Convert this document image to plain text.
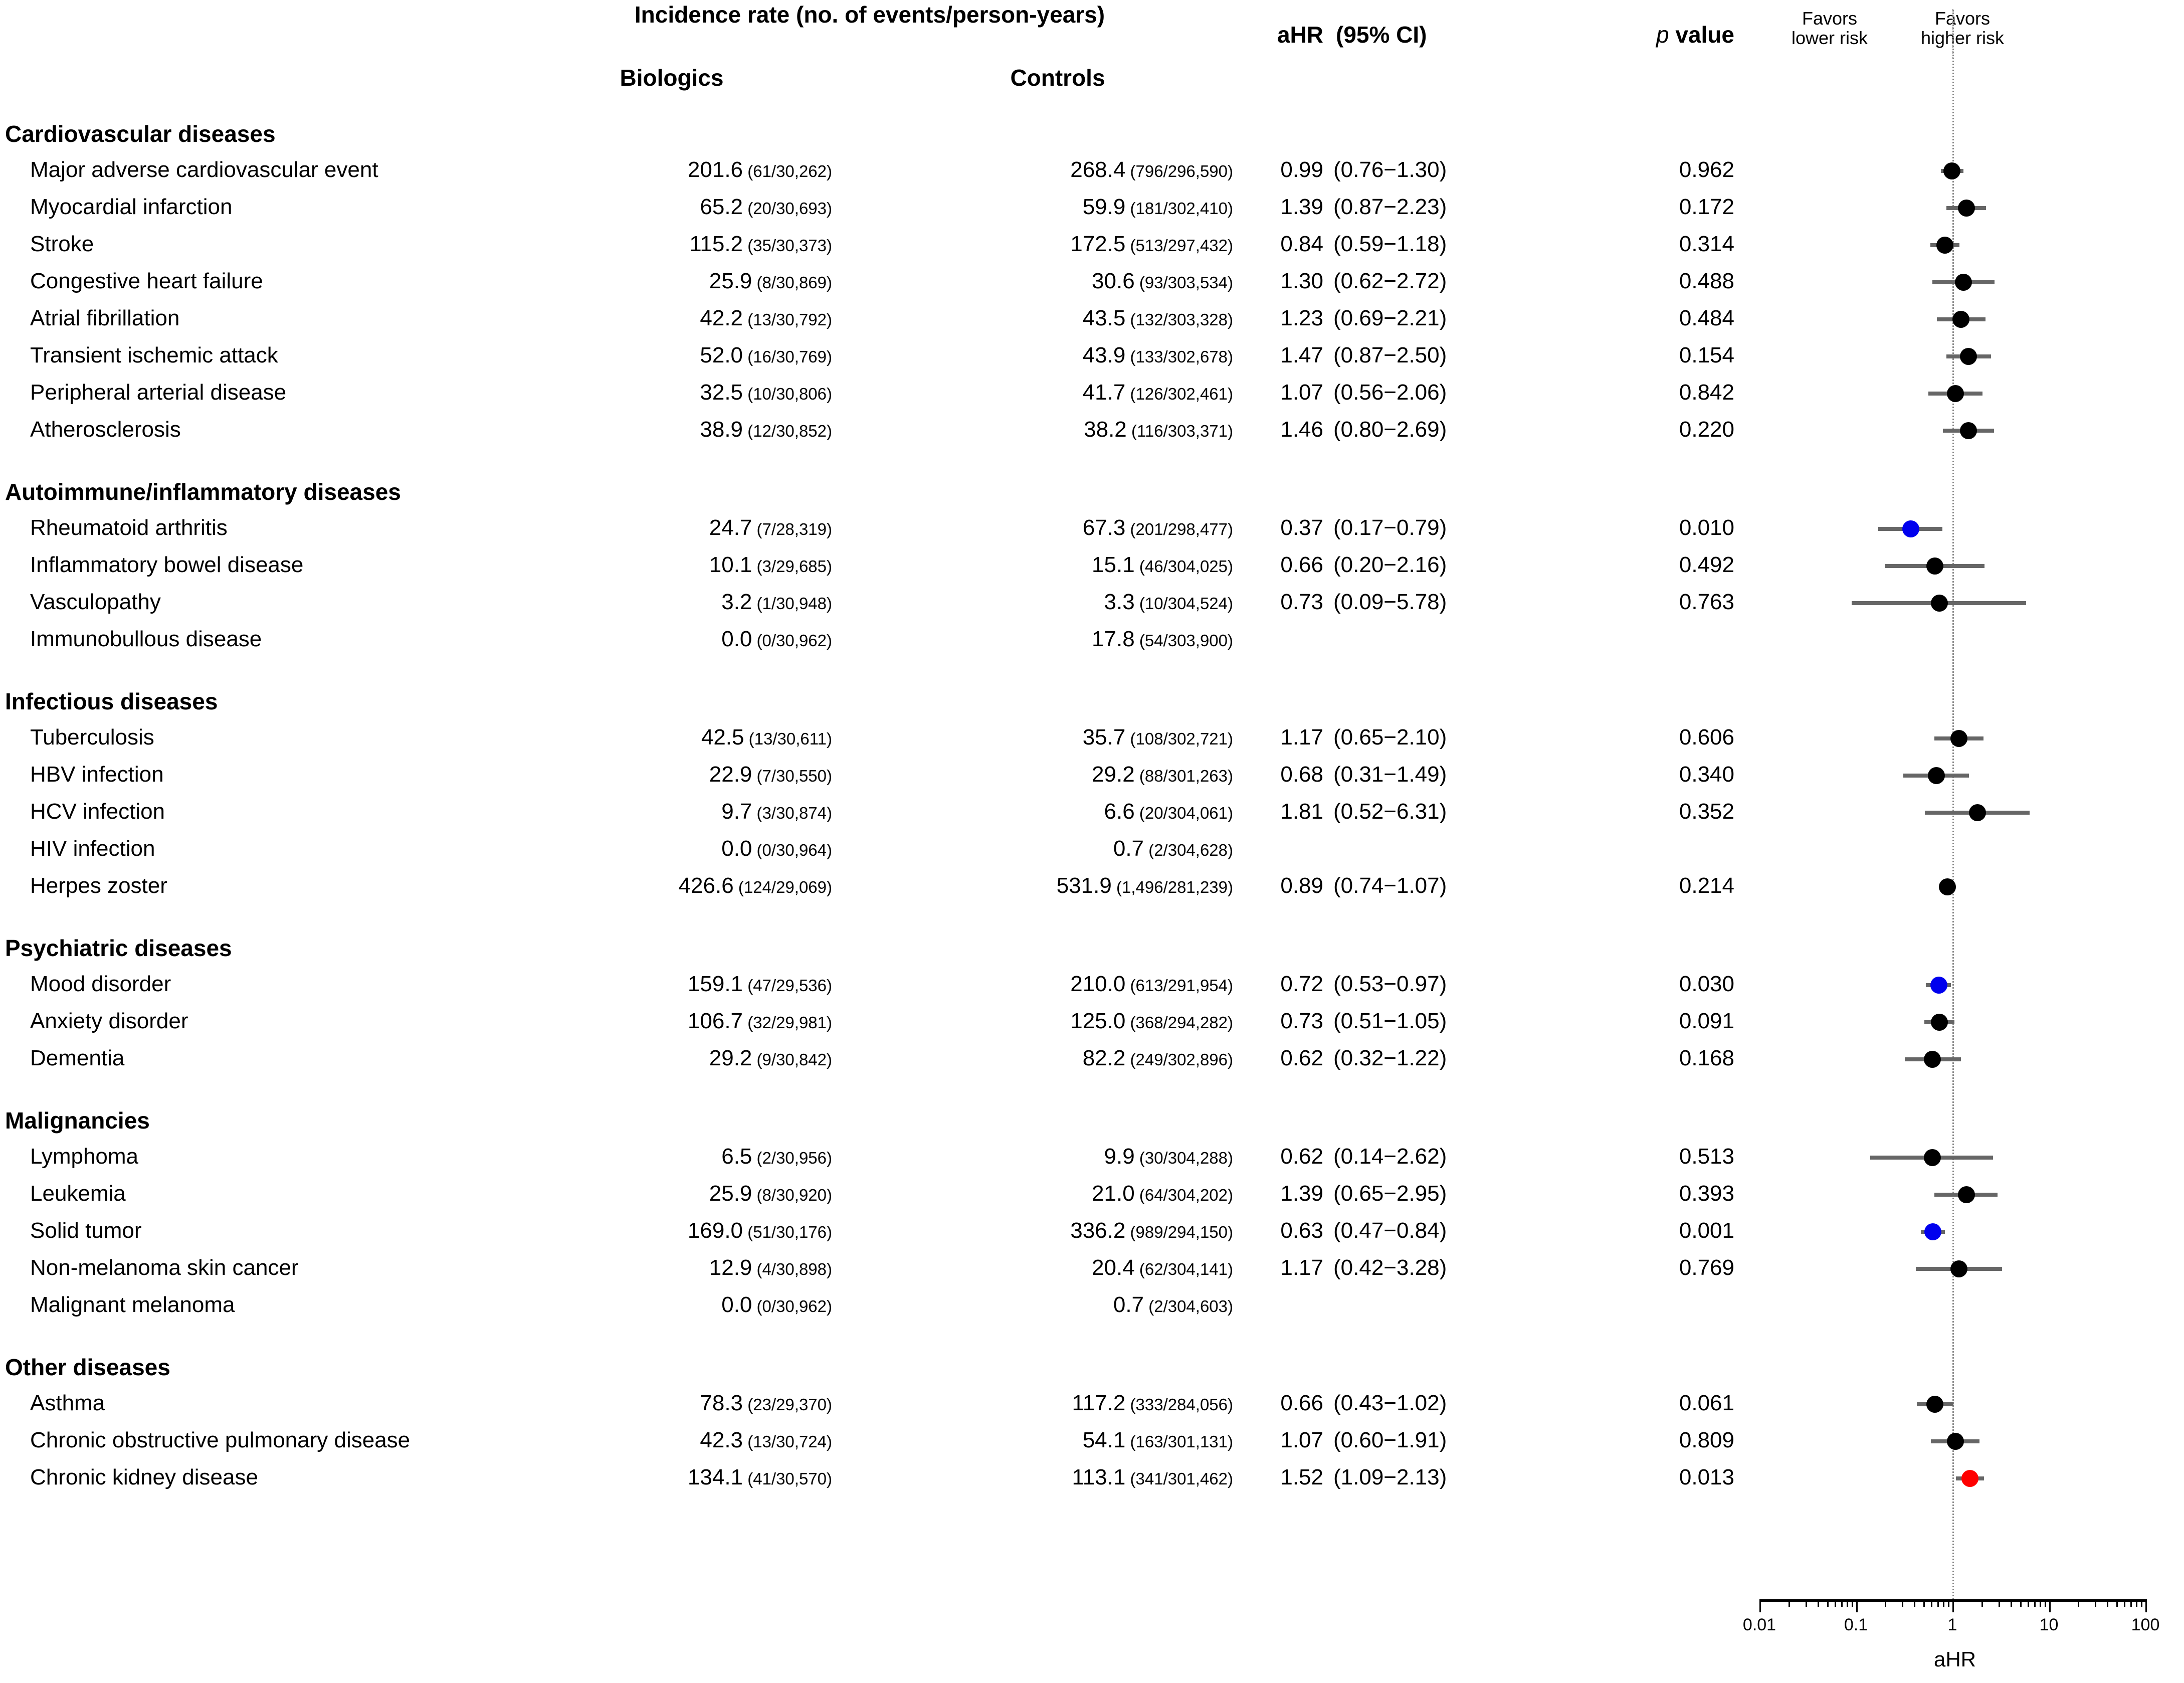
Incidence rate (no. of events/person-years)
Biologics	Controls
aHR (95% CI)	p value
Favors
lower risk
Favors
higher risk
Cardiovascular diseases
Major adverse cardiovascular event	201.6 (61/30,262)	268.4 (796/296,590)	0.99 (0.76−1.30)	0.962
Myocardial infarction	65.2 (20/30,693)	59.9 (181/302,410)	1.39 (0.87−2.23)	0.172
Stroke	115.2 (35/30,373)	172.5 (513/297,432)	0.84 (0.59−1.18)	0.314
Congestive heart failure	25.9 (8/30,869)	30.6 (93/303,534)	1.30 (0.62−2.72)	0.488
Atrial fibrillation	42.2 (13/30,792)	43.5 (132/303,328)	1.23 (0.69−2.21)	0.484
Transient ischemic attack	52.0 (16/30,769)	43.9 (133/302,678)	1.47 (0.87−2.50)	0.154
Peripheral arterial disease	32.5 (10/30,806)	41.7 (126/302,461)	1.07 (0.56−2.06)	0.842
Atherosclerosis	38.9 (12/30,852)	38.2 (116/303,371)	1.46 (0.80−2.69)	0.220
Autoimmune/inflammatory diseases
Rheumatoid arthritis	24.7 (7/28,319)	67.3 (201/298,477)	0.37 (0.17−0.79)	0.010
Inflammatory bowel disease	10.1 (3/29,685)	15.1 (46/304,025)	0.66 (0.20−2.16)	0.492
Vasculopathy	3.2 (1/30,948)	3.3 (10/304,524)	0.73 (0.09−5.78)	0.763
Immunobullous disease	0.0 (0/30,962)	17.8 (54/303,900)
Infectious diseases
Tuberculosis	42.5 (13/30,611)	35.7 (108/302,721)	1.17 (0.65−2.10)	0.606
HBV infection	22.9 (7/30,550)	29.2 (88/301,263)	0.68 (0.31−1.49)	0.340
HCV infection	9.7 (3/30,874)	6.6 (20/304,061)	1.81 (0.52−6.31)	0.352
HIV infection	0.0 (0/30,964)	0.7 (2/304,628)
Herpes zoster	426.6 (124/29,069)	531.9 (1,496/281,239)	0.89 (0.74−1.07)	0.214
Psychiatric diseases
Mood disorder	159.1 (47/29,536)	210.0 (613/291,954)	0.72 (0.53−0.97)	0.030
Anxiety disorder	106.7 (32/29,981)	125.0 (368/294,282)	0.73 (0.51−1.05)	0.091
Dementia	29.2 (9/30,842)	82.2 (249/302,896)	0.62 (0.32−1.22)	0.168
Malignancies
Lymphoma	6.5 (2/30,956)	9.9 (30/304,288)	0.62 (0.14−2.62)	0.513
Leukemia	25.9 (8/30,920)	21.0 (64/304,202)	1.39 (0.65−2.95)	0.393
Solid tumor	169.0 (51/30,176)	336.2 (989/294,150)	0.63 (0.47−0.84)	0.001
Non-melanoma skin cancer	12.9 (4/30,898)	20.4 (62/304,141)	1.17 (0.42−3.28)	0.769
Malignant melanoma	0.0 (0/30,962)	0.7 (2/304,603)
Other diseases
Asthma	78.3 (23/29,370)	117.2 (333/284,056)	0.66 (0.43−1.02)	0.061
Chronic obstructive pulmonary disease	42.3 (13/30,724)	54.1 (163/301,131)	1.07 (0.60−1.91)	0.809
Chronic kidney disease	134.1 (41/30,570)	113.1 (341/301,462)	1.52 (1.09−2.13)	0.013
0.01	0.1	1	10	100
aHR
